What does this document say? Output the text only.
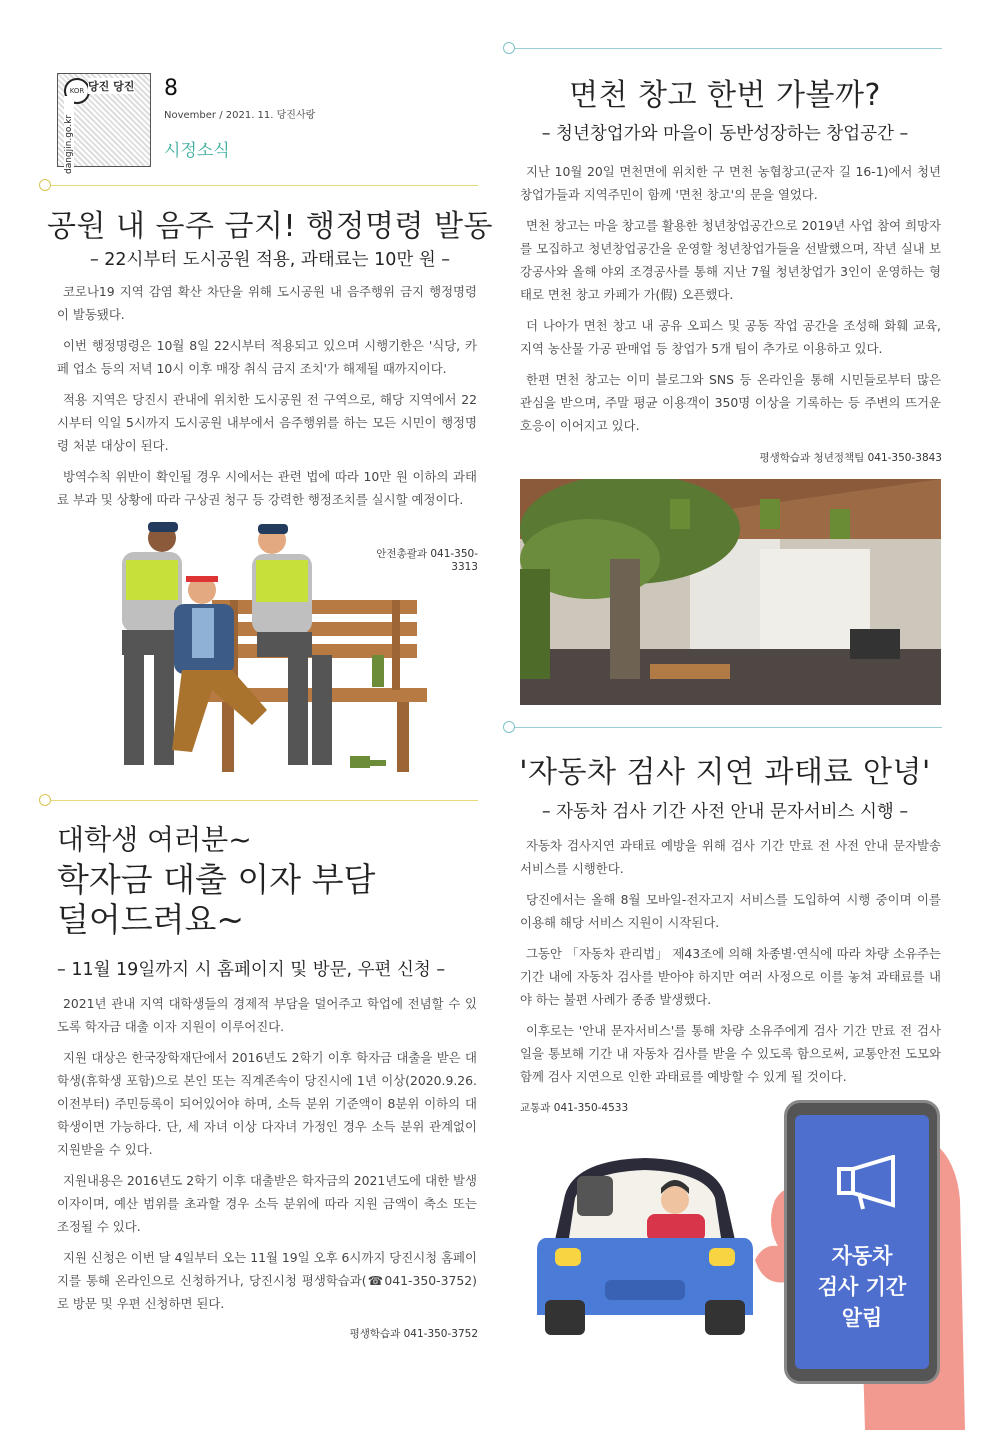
KOR 당진 당진
dangjin.go.kr
8
November / 2021. 11. 당진사랑
시정소식
공원 내 음주 금지! 행정명령 발동
– 22시부터 도시공원 적용, 과태료는 10만 원 –

코로나19 지역 감염 확산 차단을 위해 도시공원 내 음주행위 금지 행정명령이 발동됐다.

이번 행정명령은 10월 8일 22시부터 적용되고 있으며 시행기한은 '식당, 카페 업소 등의 저녁 10시 이후 매장 취식 금지 조치'가 해제될 때까지이다.

적용 지역은 당진시 관내에 위치한 도시공원 전 구역으로, 해당 지역에서 22시부터 익일 5시까지 도시공원 내부에서 음주행위를 하는 모든 시민이 행정명령 처분 대상이 된다.

방역수칙 위반이 확인될 경우 시에서는 관련 법에 따라 10만 원 이하의 과태료 부과 및 상황에 따라 구상권 청구 등 강력한 행정조치를 실시할 예정이다.

안전총괄과 041-350-3313
대학생 여러분~
학자금 대출 이자 부담
덜어드려요~
– 11월 19일까지 시 홈페이지 및 방문, 우편 신청 –

2021년 관내 지역 대학생들의 경제적 부담을 덜어주고 학업에 전념할 수 있도록 학자금 대출 이자 지원이 이루어진다.

지원 대상은 한국장학재단에서 2016년도 2학기 이후 학자금 대출을 받은 대학생(휴학생 포함)으로 본인 또는 직계존속이 당진시에 1년 이상(2020.9.26. 이전부터) 주민등록이 되어있어야 하며, 소득 분위 기준액이 8분위 이하의 대학생이면 가능하다. 단, 세 자녀 이상 다자녀 가정인 경우 소득 분위 관계없이 지원받을 수 있다.

지원내용은 2016년도 2학기 이후 대출받은 학자금의 2021년도에 대한 발생 이자이며, 예산 범위를 초과할 경우 소득 분위에 따라 지원 금액이 축소 또는 조정될 수 있다.

지원 신청은 이번 달 4일부터 오는 11월 19일 오후 6시까지 당진시청 홈페이지를 통해 온라인으로 신청하거나, 당진시청 평생학습과(☎041-350-3752)로 방문 및 우편 신청하면 된다.

평생학습과 041-350-3752
면천 창고 한번 가볼까?
– 청년창업가와 마을이 동반성장하는 창업공간 –

지난 10월 20일 면천면에 위치한 구 면천 농협창고(군자 길 16-1)에서 청년 창업가들과 지역주민이 함께 '면천 창고'의 문을 열었다.

면천 창고는 마을 창고를 활용한 청년창업공간으로 2019년 사업 참여 희망자를 모집하고 청년창업공간을 운영할 청년창업가들을 선발했으며, 작년 실내 보강공사와 올해 야외 조경공사를 통해 지난 7월 청년창업가 3인이 운영하는 형태로 면천 창고 카페가 가(假) 오픈했다.

더 나아가 면천 창고 내 공유 오피스 및 공동 작업 공간을 조성해 화훼 교육, 지역 농산물 가공 판매업 등 창업가 5개 팀이 추가로 이용하고 있다.

한편 면천 창고는 이미 블로그와 SNS 등 온라인을 통해 시민들로부터 많은 관심을 받으며, 주말 평균 이용객이 350명 이상을 기록하는 등 주변의 뜨거운 호응이 이어지고 있다.

평생학습과 청년정책팀 041-350-3843
'자동차 검사 지연 과태료 안녕'
– 자동차 검사 기간 사전 안내 문자서비스 시행 –

자동차 검사지연 과태료 예방을 위해 검사 기간 만료 전 사전 안내 문자발송 서비스를 시행한다.

당진에서는 올해 8월 모바일-전자고지 서비스를 도입하여 시행 중이며 이를 이용해 해당 서비스 지원이 시작된다.

그동안 「자동차 관리법」 제43조에 의해 차종별·연식에 따라 차량 소유주는 기간 내에 자동차 검사를 받아야 하지만 여러 사정으로 이를 놓쳐 과태료를 내야 하는 불편 사례가 종종 발생했다.

이후로는 '안내 문자서비스'를 통해 차량 소유주에게 검사 기간 만료 전 검사일을 통보해 기간 내 자동차 검사를 받을 수 있도록 함으로써, 교통안전 도모와 함께 검사 지연으로 인한 과태료를 예방할 수 있게 될 것이다.

교통과 041-350-4533
자동차
검사 기간
알림
